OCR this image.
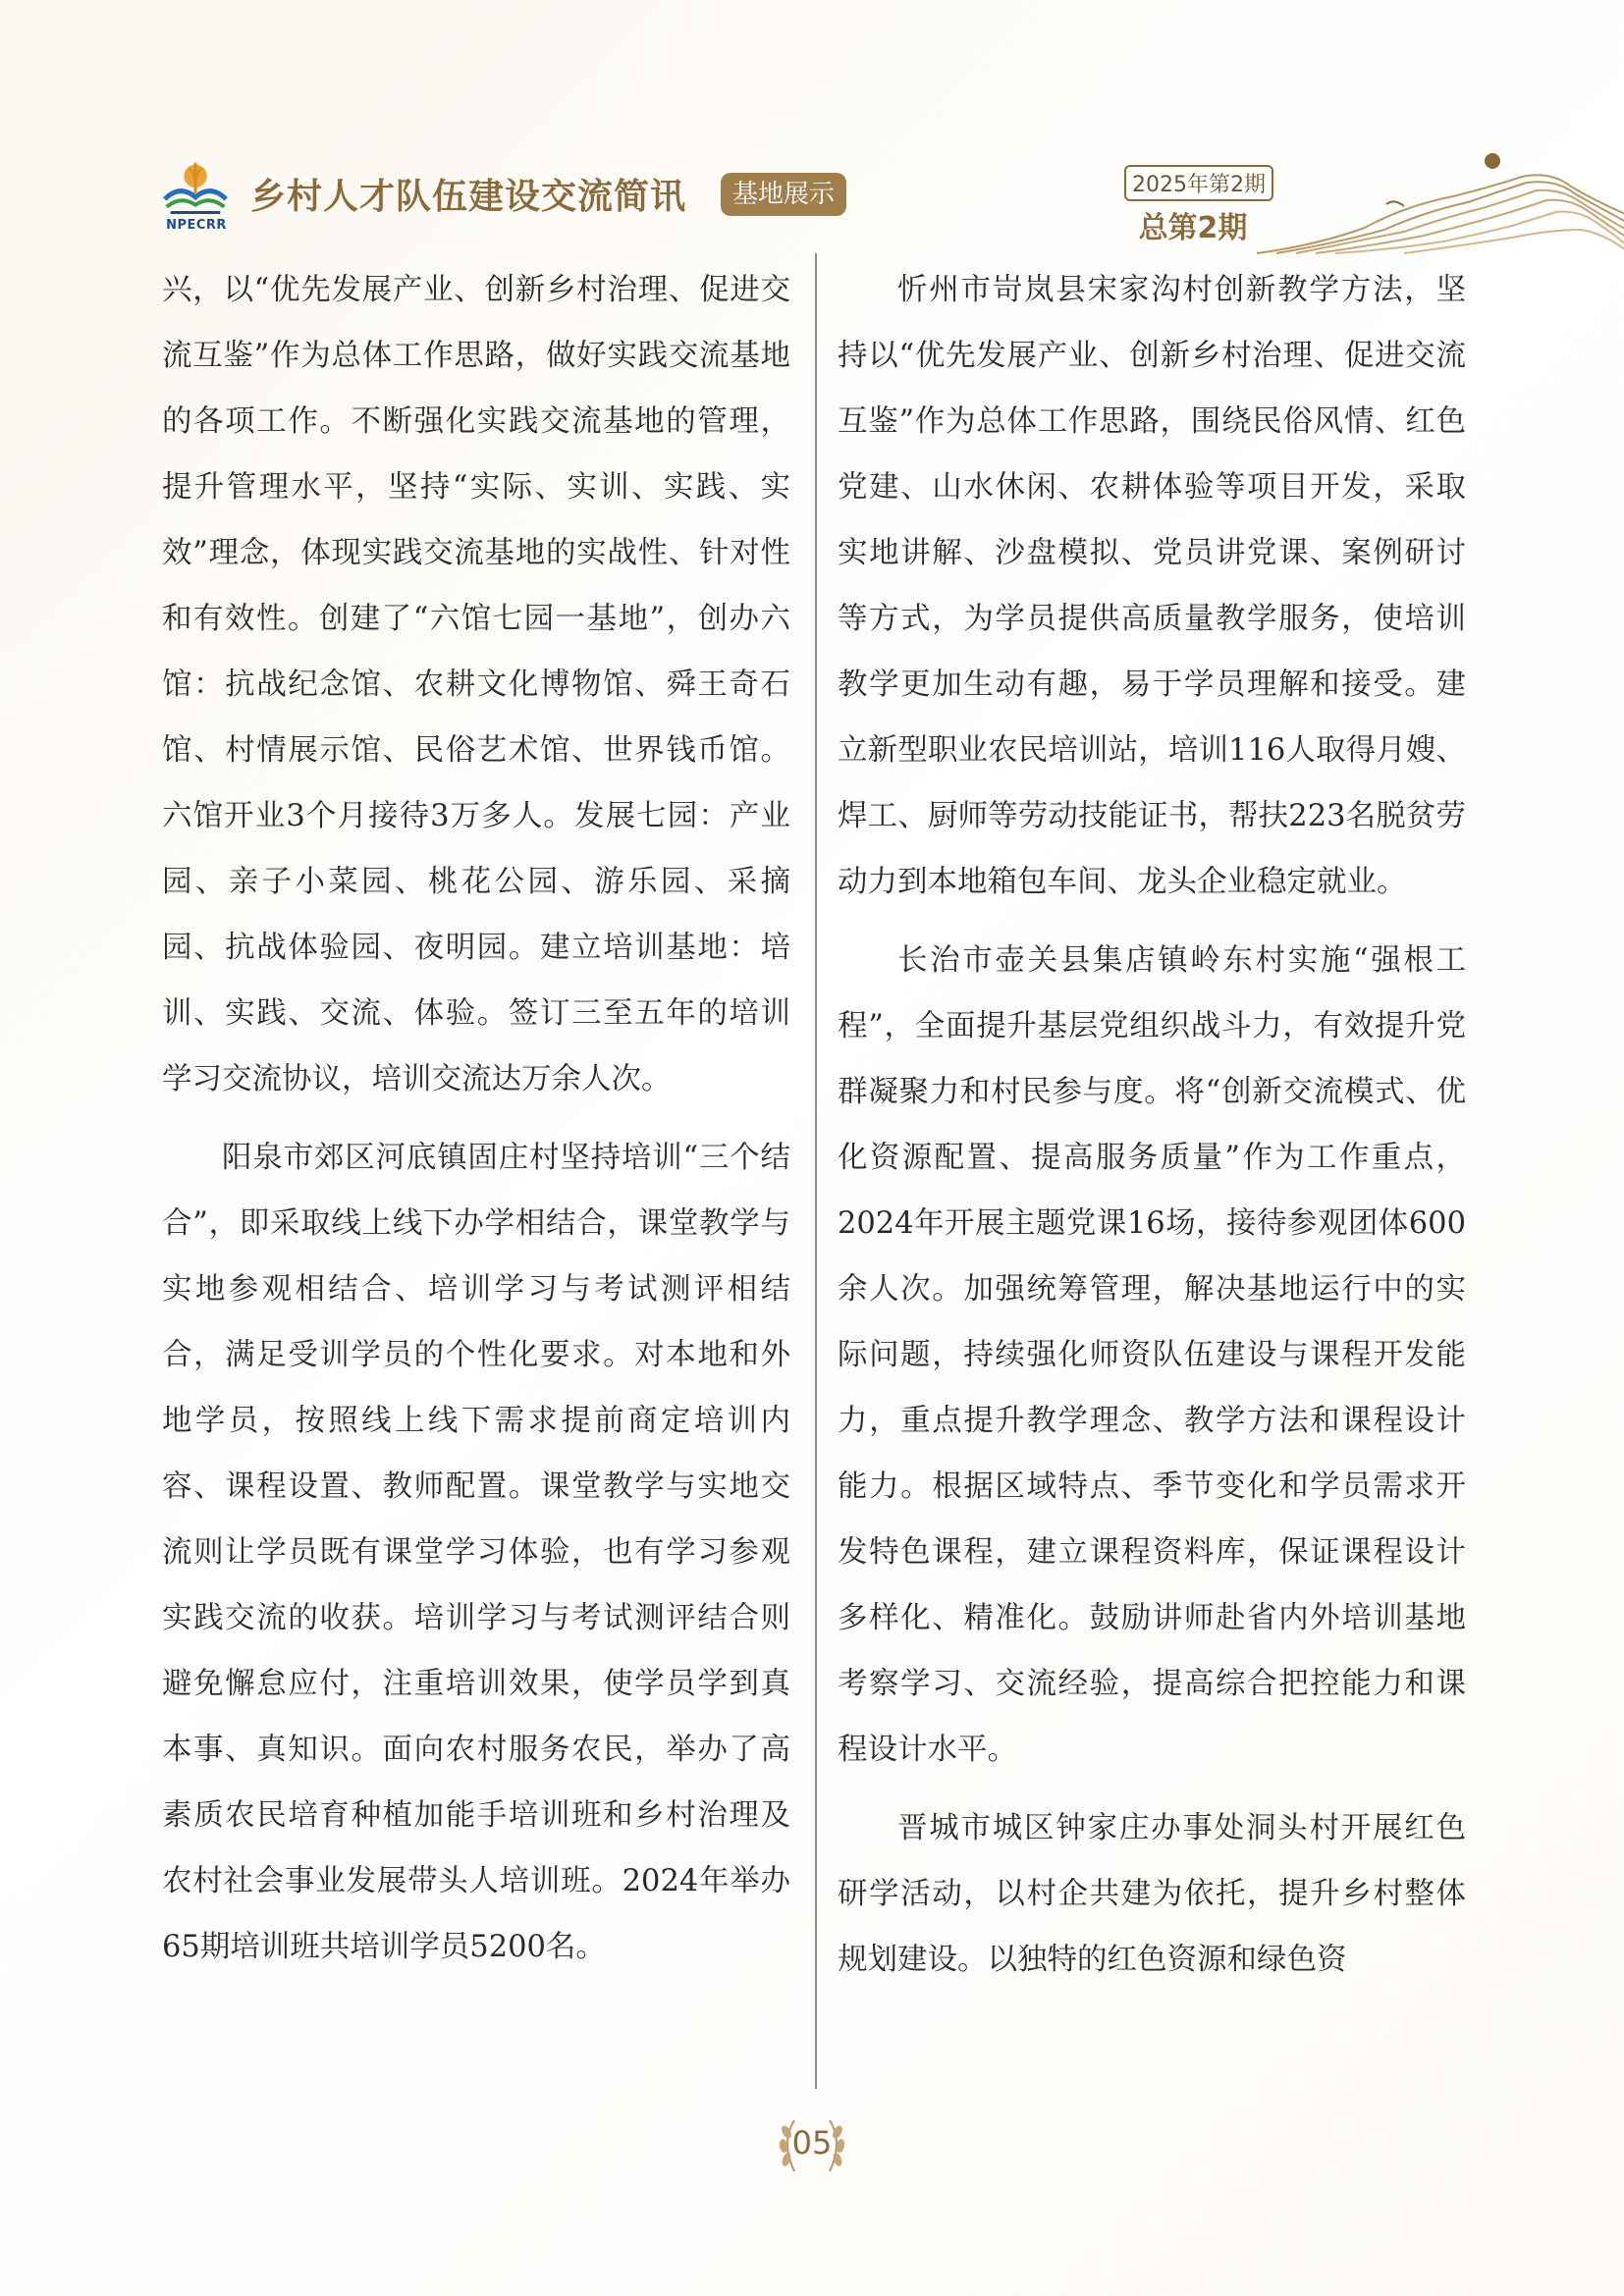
NPECRR
乡村人才队伍建设交流简讯	基地展示	2025年第2期
总第2期

兴，以“优先发展产业、创新乡村治理、促进交流互鉴”作为总体工作思路，做好实践交流基地的各项工作。不断强化实践交流基地的管理，提升管理水平，坚持“实际、实训、实践、实效”理念，体现实践交流基地的实战性、针对性和有效性。创建了“六馆七园一基地”，创办六馆：抗战纪念馆、农耕文化博物馆、舜王奇石馆、村情展示馆、民俗艺术馆、世界钱币馆。六馆开业3个月接待3万多人。发展七园：产业园、亲子小菜园、桃花公园、游乐园、采摘园、抗战体验园、夜明园。建立培训基地：培训、实践、交流、体验。签订三至五年的培训学习交流协议，培训交流达万余人次。

阳泉市郊区河底镇固庄村坚持培训“三个结合”，即采取线上线下办学相结合，课堂教学与实地参观相结合、培训学习与考试测评相结合，满足受训学员的个性化要求。对本地和外地学员，按照线上线下需求提前商定培训内容、课程设置、教师配置。课堂教学与实地交流则让学员既有课堂学习体验，也有学习参观实践交流的收获。培训学习与考试测评结合则避免懈怠应付，注重培训效果，使学员学到真本事、真知识。面向农村服务农民，举办了高素质农民培育种植加能手培训班和乡村治理及农村社会事业发展带头人培训班。2024年举办65期培训班共培训学员5200名。

忻州市岢岚县宋家沟村创新教学方法，坚持以“优先发展产业、创新乡村治理、促进交流互鉴”作为总体工作思路，围绕民俗风情、红色党建、山水休闲、农耕体验等项目开发，采取实地讲解、沙盘模拟、党员讲党课、案例研讨等方式，为学员提供高质量教学服务，使培训教学更加生动有趣，易于学员理解和接受。建立新型职业农民培训站，培训116人取得月嫂、焊工、厨师等劳动技能证书，帮扶223名脱贫劳动力到本地箱包车间、龙头企业稳定就业。

长治市壶关县集店镇岭东村实施“强根工程”，全面提升基层党组织战斗力，有效提升党群凝聚力和村民参与度。将“创新交流模式、优化资源配置、提高服务质量”作为工作重点，2024年开展主题党课16场，接待参观团体600余人次。加强统筹管理，解决基地运行中的实际问题，持续强化师资队伍建设与课程开发能力，重点提升教学理念、教学方法和课程设计能力。根据区域特点、季节变化和学员需求开发特色课程，建立课程资料库，保证课程设计多样化、精准化。鼓励讲师赴省内外培训基地考察学习、交流经验，提高综合把控能力和课程设计水平。

晋城市城区钟家庄办事处洞头村开展红色研学活动，以村企共建为依托，提升乡村整体规划建设。以独特的红色资源和绿色资

05
